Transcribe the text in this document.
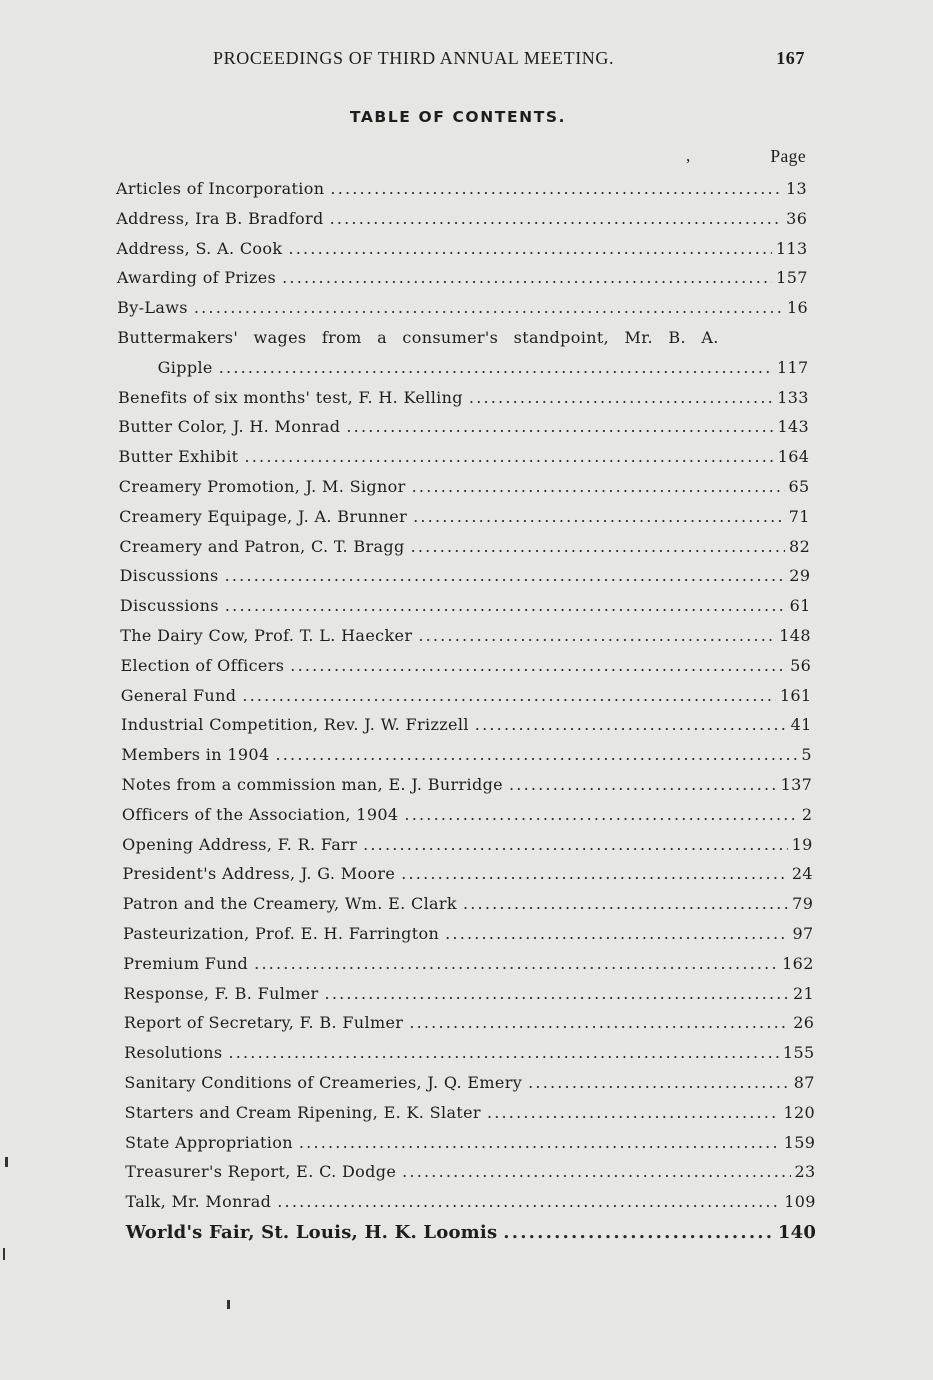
PROCEEDINGS OF THIRD ANNUAL MEETING.	167
TABLE OF CONTENTS.
,	Page
Articles of Incorporation .....	13
Address, Ira B. Bradford .....	36
Address, S. A. Cook .....	113
Awarding of Prizes .....	157
By-Laws .....	16
Buttermakers' wages from a consumer's standpoint, Mr. B. A.
Gipple .....	117
Benefits of six months' test, F. H. Kelling .....	133
Butter Color, J. H. Monrad .....	143
Butter Exhibit .....	164
Creamery Promotion, J. M. Signor .....	65
Creamery Equipage, J. A. Brunner .....	71
Creamery and Patron, C. T. Bragg .....	82
Discussions .....	29
Discussions .....	61
The Dairy Cow, Prof. T. L. Haecker .....	148
Election of Officers .....	56
General Fund .....	161
Industrial Competition, Rev. J. W. Frizzell .....	41
Members in 1904 .....	5
Notes from a commission man, E. J. Burridge .....	137
Officers of the Association, 1904 .....	2
Opening Address, F. R. Farr .....	19
President's Address, J. G. Moore .....	24
Patron and the Creamery, Wm. E. Clark .....	79
Pasteurization, Prof. E. H. Farrington .....	97
Premium Fund .....	162
Response, F. B. Fulmer .....	21
Report of Secretary, F. B. Fulmer .....	26
Resolutions .....	155
Sanitary Conditions of Creameries, J. Q. Emery .....	87
Starters and Cream Ripening, E. K. Slater .....	120
State Appropriation .....	159
Treasurer's Report, E. C. Dodge .....	23
Talk, Mr. Monrad .....	109
World's Fair, St. Louis, H. K. Loomis .....	140
